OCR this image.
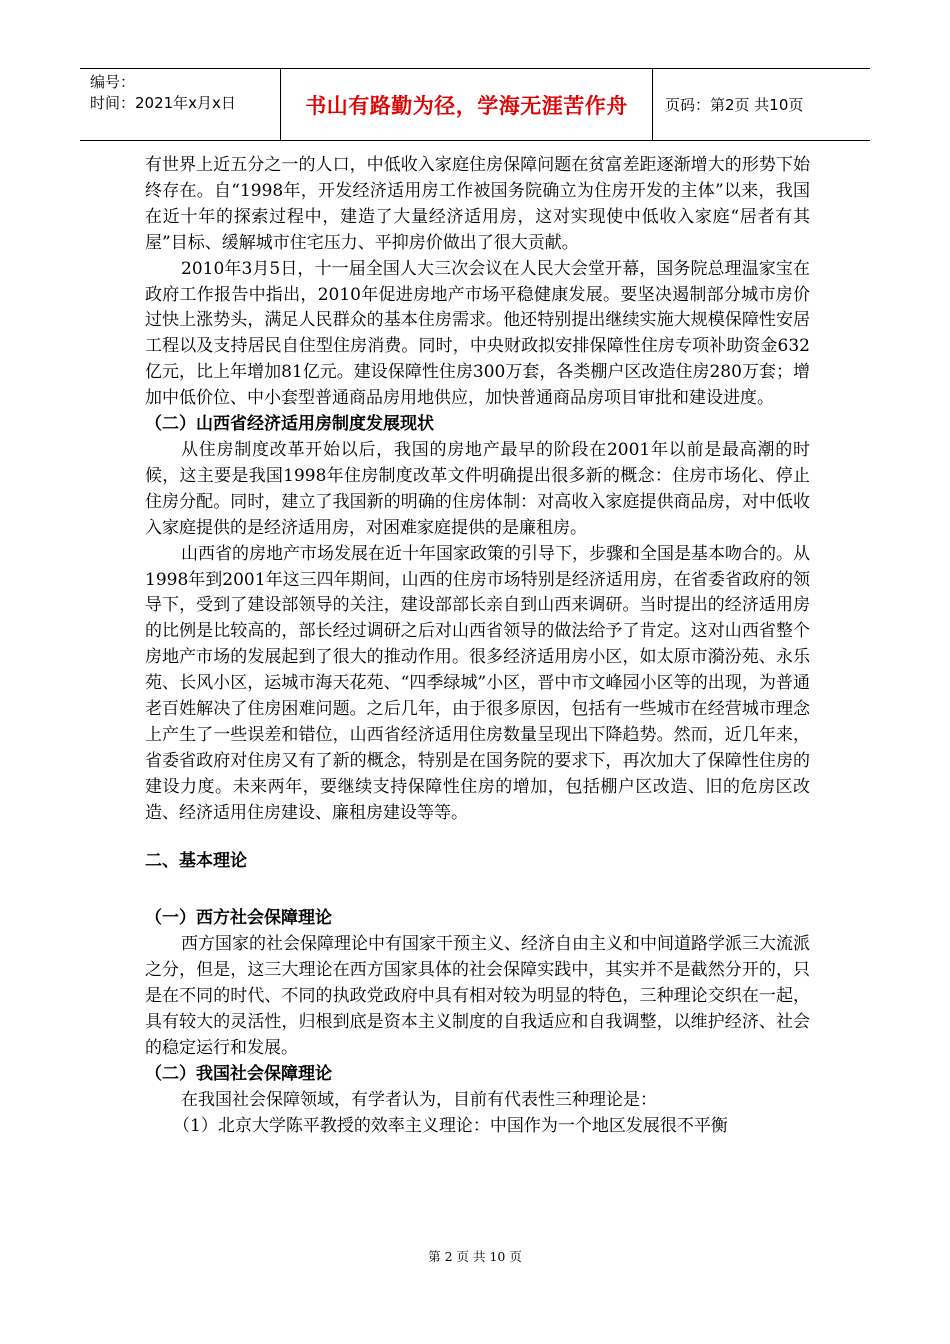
编号：
时间：2021年x月x日	书山有路勤为径，学海无涯苦作舟	页码：第2页 共10页

有世界上近五分之一的人口，中低收入家庭住房保障问题在贫富差距逐渐增大的形势下始终存在。自“1998年，开发经济适用房工作被国务院确立为住房开发的主体”以来，我国在近十年的探索过程中，建造了大量经济适用房，这对实现使中低收入家庭“居者有其屋”目标、缓解城市住宅压力、平抑房价做出了很大贡献。

2010年3月5日，十一届全国人大三次会议在人民大会堂开幕，国务院总理温家宝在政府工作报告中指出，2010年促进房地产市场平稳健康发展。要坚决遏制部分城市房价过快上涨势头，满足人民群众的基本住房需求。他还特别提出继续实施大规模保障性安居工程以及支持居民自住型住房消费。同时，中央财政拟安排保障性住房专项补助资金632亿元，比上年增加81亿元。建设保障性住房300万套，各类棚户区改造住房280万套；增加中低价位、中小套型普通商品房用地供应，加快普通商品房项目审批和建设进度。

（二）山西省经济适用房制度发展现状

从住房制度改革开始以后，我国的房地产最早的阶段在2001年以前是最高潮的时候，这主要是我国1998年住房制度改革文件明确提出很多新的概念：住房市场化、停止住房分配。同时，建立了我国新的明确的住房体制：对高收入家庭提供商品房，对中低收入家庭提供的是经济适用房，对困难家庭提供的是廉租房。

山西省的房地产市场发展在近十年国家政策的引导下，步骤和全国是基本吻合的。从1998年到2001年这三四年期间，山西的住房市场特别是经济适用房，在省委省政府的领导下，受到了建设部领导的关注，建设部部长亲自到山西来调研。当时提出的经济适用房的比例是比较高的，部长经过调研之后对山西省领导的做法给予了肯定。这对山西省整个房地产市场的发展起到了很大的推动作用。很多经济适用房小区，如太原市漪汾苑、永乐苑、长风小区，运城市海天花苑、“四季绿城”小区，晋中市文峰园小区等的出现，为普通老百姓解决了住房困难问题。之后几年，由于很多原因，包括有一些城市在经营城市理念上产生了一些误差和错位，山西省经济适用住房数量呈现出下降趋势。然而，近几年来，省委省政府对住房又有了新的概念，特别是在国务院的要求下，再次加大了保障性住房的建设力度。未来两年，要继续支持保障性住房的增加，包括棚户区改造、旧的危房区改造、经济适用住房建设、廉租房建设等等。

二、基本理论

（一）西方社会保障理论

西方国家的社会保障理论中有国家干预主义、经济自由主义和中间道路学派三大流派之分，但是，这三大理论在西方国家具体的社会保障实践中，其实并不是截然分开的，只是在不同的时代、不同的执政党政府中具有相对较为明显的特色，三种理论交织在一起，具有较大的灵活性，归根到底是资本主义制度的自我适应和自我调整，以维护经济、社会的稳定运行和发展。

（二）我国社会保障理论

在我国社会保障领域，有学者认为，目前有代表性三种理论是：

（1）北京大学陈平教授的效率主义理论：中国作为一个地区发展很不平衡

第 2 页 共 10 页
